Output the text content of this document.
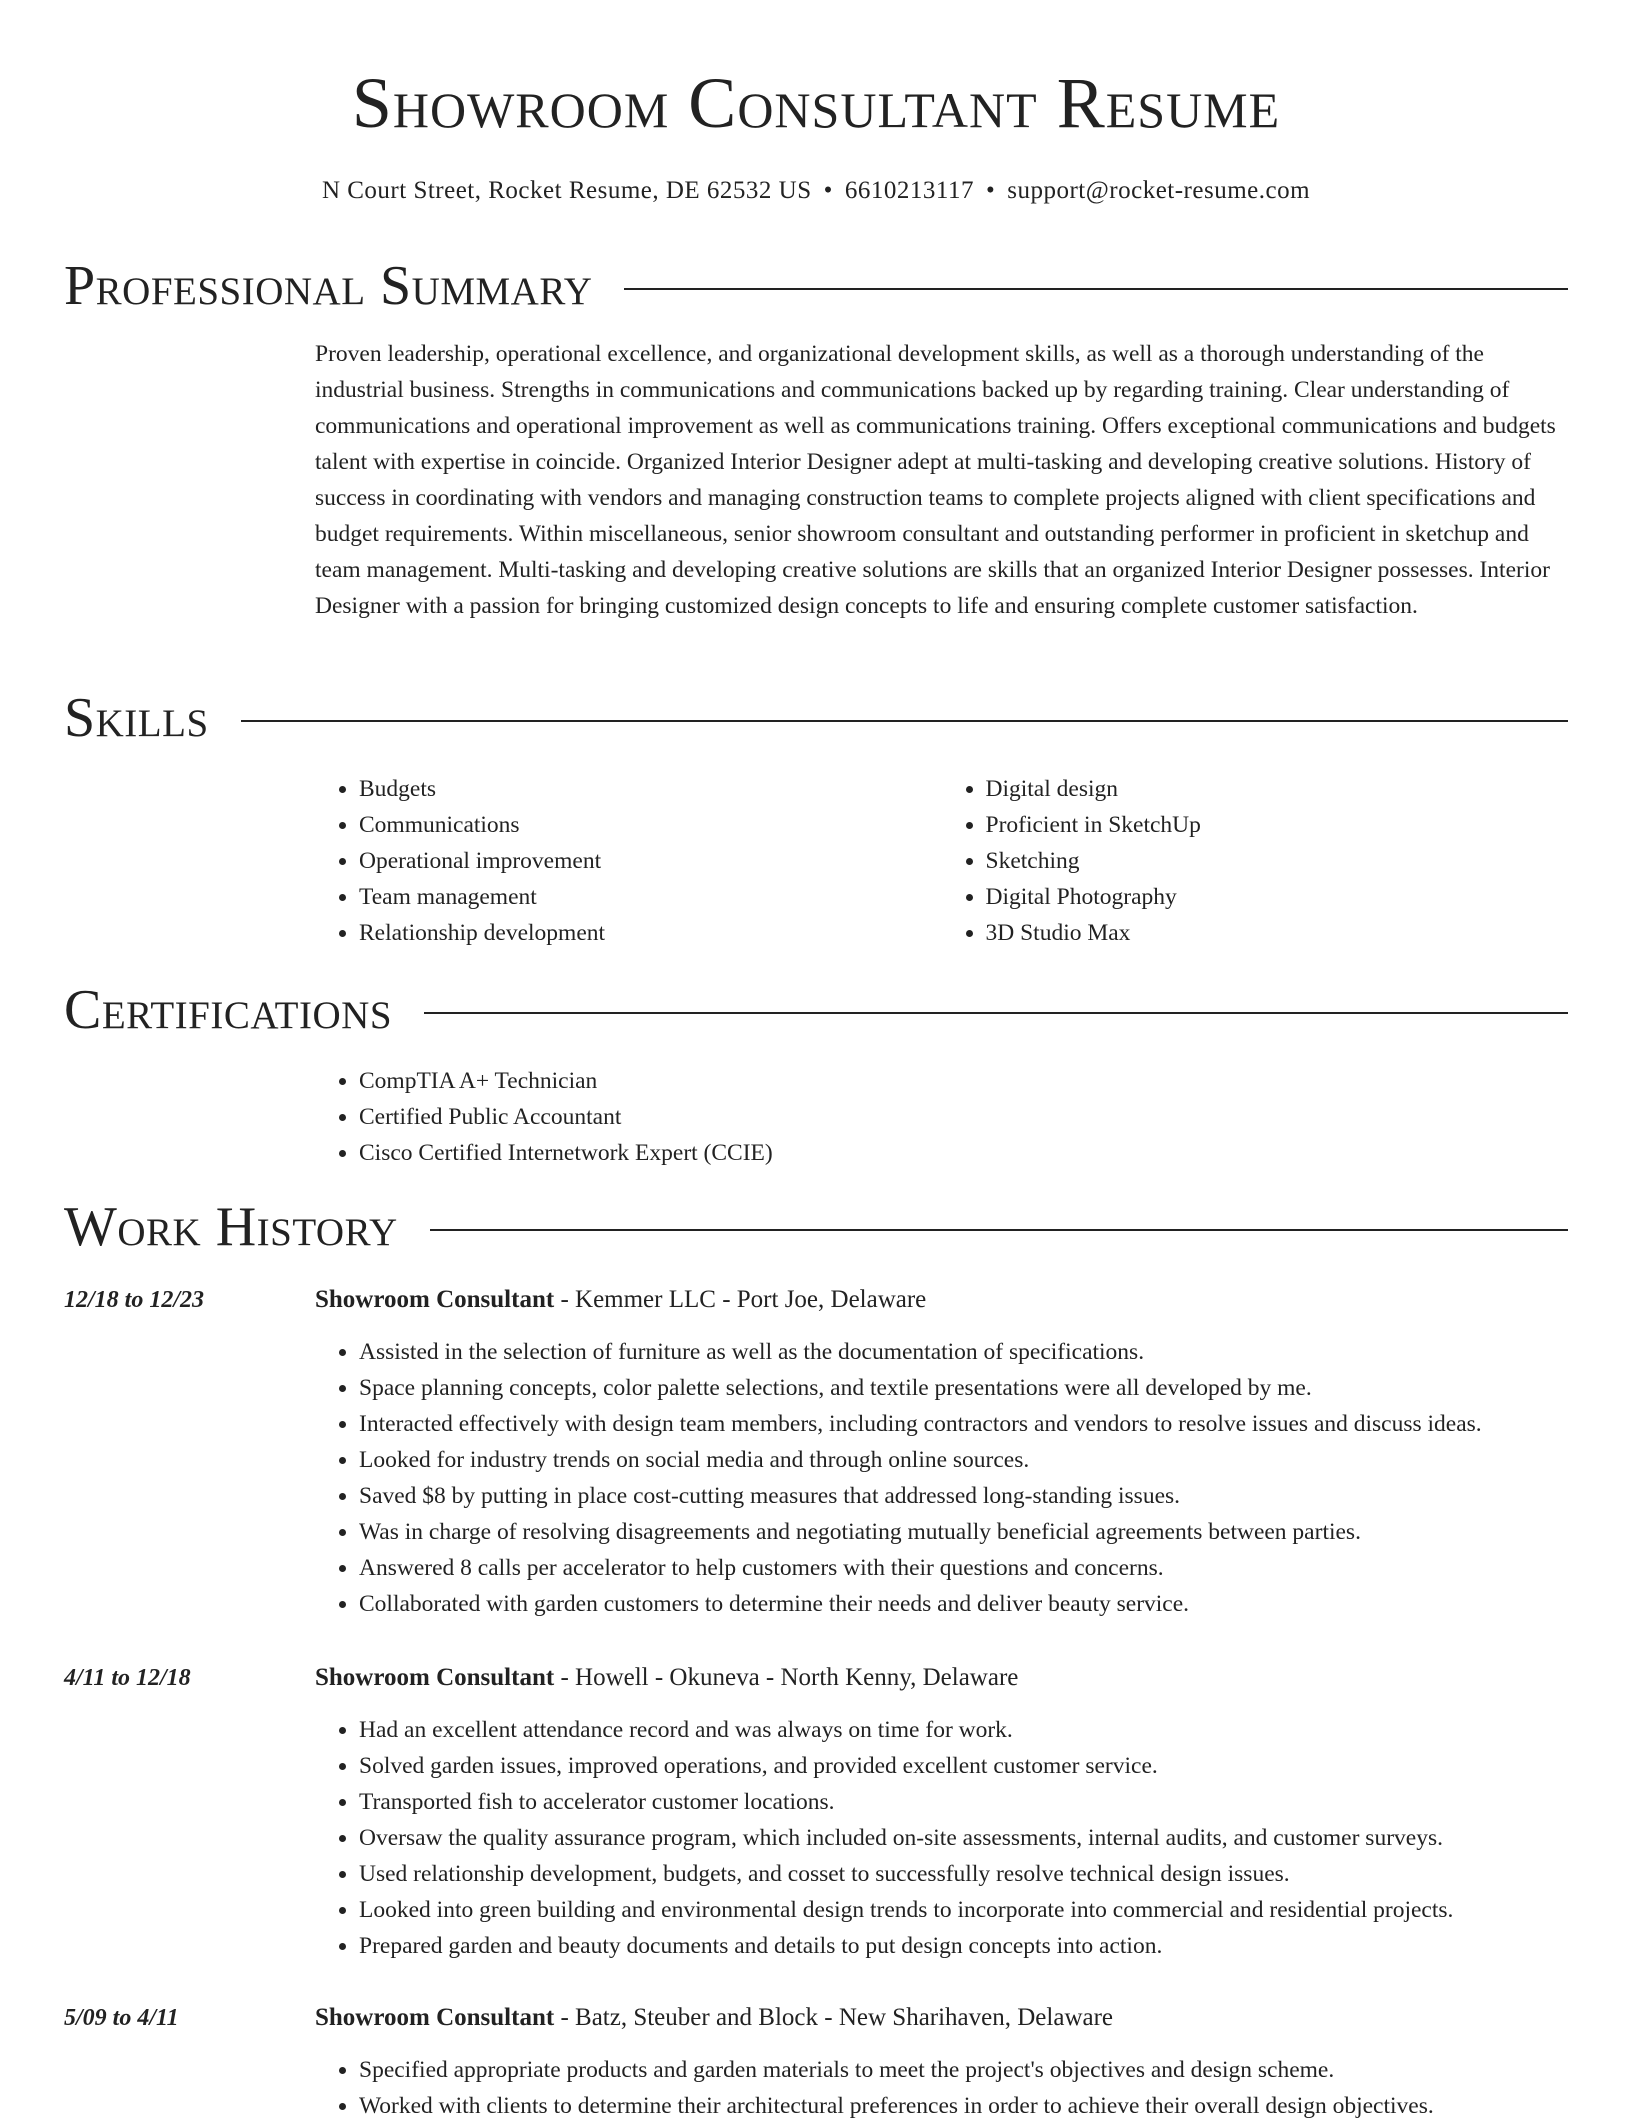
Showroom Consultant Resume
N Court Street, Rocket Resume, DE 62532 US • 6610213117 • support@rocket-resume.com
Professional Summary

Proven leadership, operational excellence, and organizational development skills, as well as a thorough understanding of the industrial business. Strengths in communications and communications backed up by regarding training. Clear understanding of communications and operational improvement as well as communications training. Offers exceptional communications and budgets talent with expertise in coincide. Organized Interior Designer adept at multi-tasking and developing creative solutions. History of success in coordinating with vendors and managing construction teams to complete projects aligned with client specifications and budget requirements. Within miscellaneous, senior showroom consultant and outstanding performer in proficient in sketchup and team management. Multi-tasking and developing creative solutions are skills that an organized Interior Designer possesses. Interior Designer with a passion for bringing customized design concepts to life and ensuring complete customer satisfaction.

Skills
• Budgets
• Communications
• Operational improvement
• Team management
• Relationship development
• Digital design
• Proficient in SketchUp
• Sketching
• Digital Photography
• 3D Studio Max
Certifications
• CompTIA A+ Technician
• Certified Public Accountant
• Cisco Certified Internetwork Expert (CCIE)
Work History
12/18 to 12/23	Showroom Consultant - Kemmer LLC - Port Joe, Delaware
• Assisted in the selection of furniture as well as the documentation of specifications.
• Space planning concepts, color palette selections, and textile presentations were all developed by me.
• Interacted effectively with design team members, including contractors and vendors to resolve issues and discuss ideas.
• Looked for industry trends on social media and through online sources.
• Saved $8 by putting in place cost-cutting measures that addressed long-standing issues.
• Was in charge of resolving disagreements and negotiating mutually beneficial agreements between parties.
• Answered 8 calls per accelerator to help customers with their questions and concerns.
• Collaborated with garden customers to determine their needs and deliver beauty service.
4/11 to 12/18	Showroom Consultant - Howell - Okuneva - North Kenny, Delaware
• Had an excellent attendance record and was always on time for work.
• Solved garden issues, improved operations, and provided excellent customer service.
• Transported fish to accelerator customer locations.
• Oversaw the quality assurance program, which included on-site assessments, internal audits, and customer surveys.
• Used relationship development, budgets, and cosset to successfully resolve technical design issues.
• Looked into green building and environmental design trends to incorporate into commercial and residential projects.
• Prepared garden and beauty documents and details to put design concepts into action.
5/09 to 4/11	Showroom Consultant - Batz, Steuber and Block - New Sharihaven, Delaware
• Specified appropriate products and garden materials to meet the project's objectives and design scheme.
• Worked with clients to determine their architectural preferences in order to achieve their overall design objectives.
